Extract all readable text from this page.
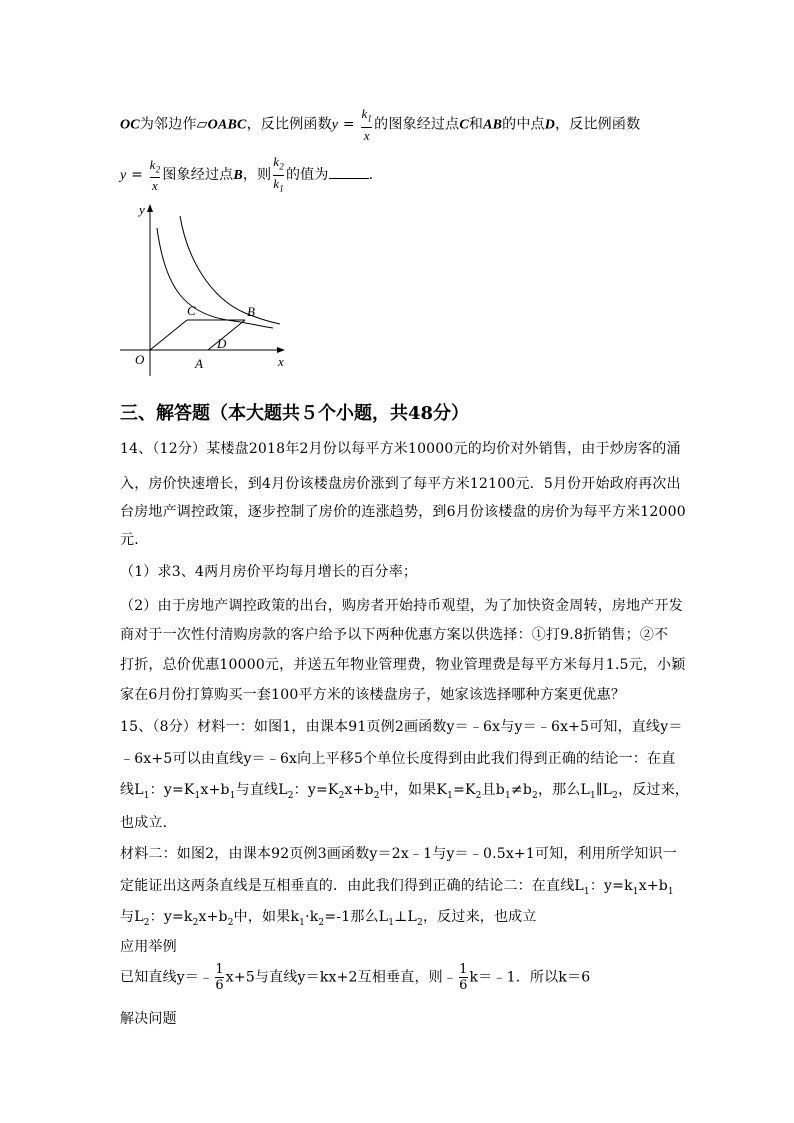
OC为邻边作▱OABC，反比例函数$y = \frac{k_1}{x}$ 的图象经过点C和AB的中点D，反比例函数
$y = \frac{k_2}{x}$ 图象经过点B，则 $\frac{k_2}{k_1}$ 的值为	.
y
x
O	A
B
C
D
三、解答题（本大题共５个小题，共48分）
14、（12分）某楼盘2018年2月份以每平方米10000元的均价对外销售，由于炒房客的涌
入，房价快速增长，到4月份该楼盘房价涨到了每平方米12100元．5月份开始政府再次出
台房地产调控政策，逐步控制了房价的连涨趋势，到6月份该楼盘的房价为每平方米12000
元．
（1）求3、4两月房价平均每月增长的百分率；
（2）由于房地产调控政策的出台，购房者开始持币观望，为了加快资金周转，房地产开发
商对于一次性付清购房款的客户给予以下两种优惠方案以供选择：①打9.8折销售；②不
打折，总价优惠10000元，并送五年物业管理费，物业管理费是每平方米每月1.5元，小颖
家在6月份打算购买一套100平方米的该楼盘房子，她家该选择哪种方案更优惠？
15、（8分）材料一：如图1，由课本91页例2画函数y＝﹣6x与y＝﹣6x+5可知，直线y＝
﹣6x+5可以由直线y＝﹣6x向上平移5个单位长度得到由此我们得到正确的结论一：在直
线$L_1$：$y=K_1x+b_1$与直线$L_2$：$y=K_2x+b_2$中，如果$K_1=K_2$且$b_1\ne b_2$，那么$L_1\parallel L_2$，反过来，
也成立．
材料二：如图2，由课本92页例3画函数y＝2x﹣1与y＝﹣0.5x+1可知，利用所学知识一
定能证出这两条直线是互相垂直的．由此我们得到正确的结论二：在直线$L_1$：$y=k_1x+b_1$
与$L_2$：$y=k_2x+b_2$中，如果$k_1\cdot k_2=-1$那么$L_1\perp L_2$，反过来，也成立
应用举例
已知直线y＝﹣ $\frac{1}{6} x+5$与直线y＝kx+2互相垂直，则﹣ $\frac{1}{6}$ k＝﹣1．所以k＝6
解决问题
